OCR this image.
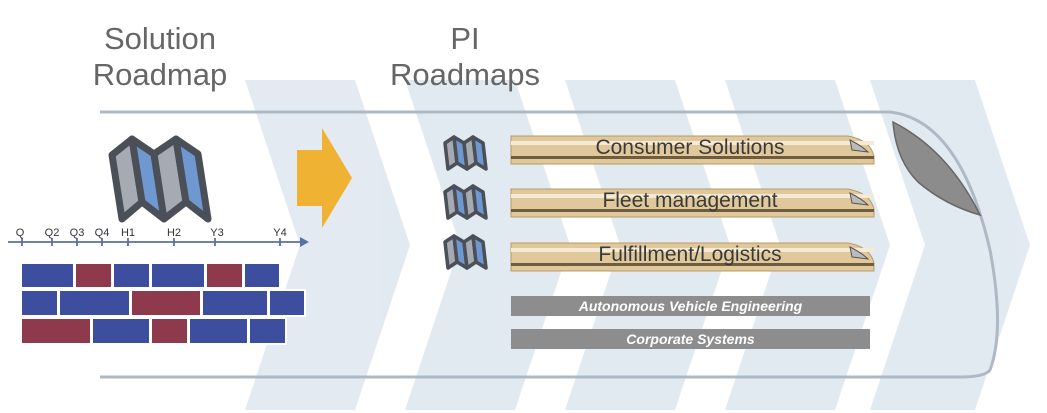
Solution
Roadmap
PI
Roadmaps
Q Q2 Q3 Q4 H1	H2	Y3	Y4
Consumer Solutions
Fleet management
Fulfillment/Logistics
Autonomous Vehicle Engineering
Corporate Systems
